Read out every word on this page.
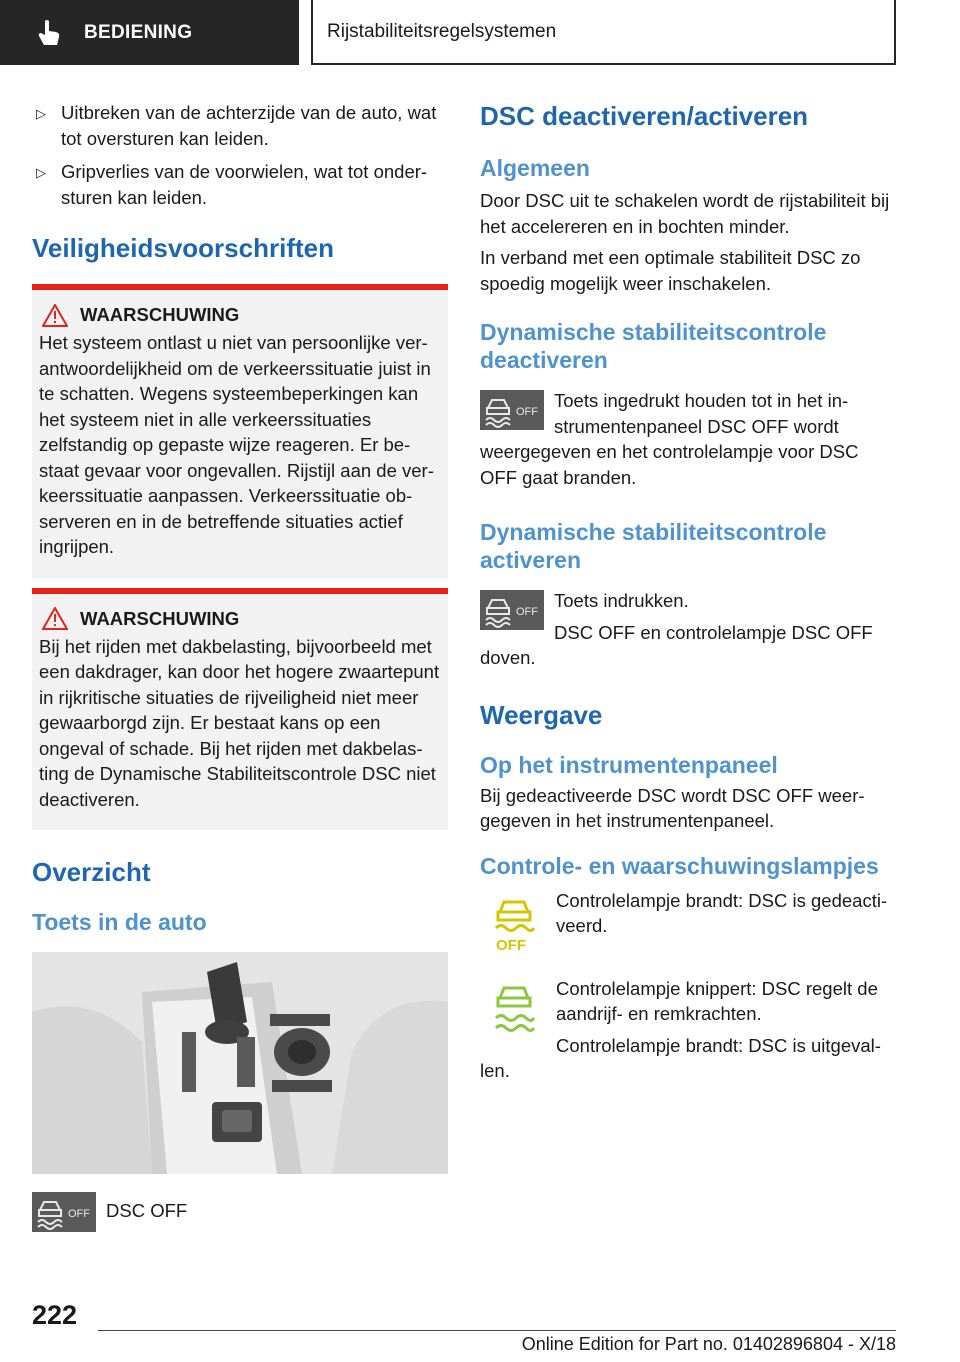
BEDIENING	Rijstabiliteitsregelsystemen
▷ Uitbreken van de achterzijde van de auto, wat tot oversturen kan leiden.
▷ Gripverlies van de voorwielen, wat tot ondersturen kan leiden.
Veiligheidsvoorschriften
WAARSCHUWING

Het systeem ontlast u niet van persoonlijke verantwoordelijkheid om de verkeerssituatie juist in te schatten. Wegens systeembeperkingen kan het systeem niet in alle verkeerssituaties zelfstandig op gepaste wijze reageren. Er bestaat gevaar voor ongevallen. Rijstijl aan de verkeerssituatie aanpassen. Verkeerssituatie observeren en in de betreffende situaties actief ingrijpen.

WAARSCHUWING

Bij het rijden met dakbelasting, bijvoorbeeld met een dakdrager, kan door het hogere zwaartepunt in rijkritische situaties de rijveiligheid niet meer gewaarborgd zijn. Er bestaat kans op een ongeval of schade. Bij het rijden met dakbelasting de Dynamische Stabiliteitscontrole DSC niet deactiveren.

Overzicht
Toets in de auto
OFF DSC OFF

DSC deactiveren/activeren
Algemeen

Door DSC uit te schakelen wordt de rijstabiliteit bij het accelereren en in bochten minder.

In verband met een optimale stabiliteit DSC zo spoedig mogelijk weer inschakelen.

Dynamische stabiliteitscontrole deactiveren
OFF

Toets ingedrukt houden tot in het instrumentenpaneel DSC OFF wordt weergegeven en het controlelampje voor DSC OFF gaat branden.

Dynamische stabiliteitscontrole activeren
OFF

Toets indrukken.

DSC OFF en controlelampje DSC OFF doven.

Weergave
Op het instrumentenpaneel

Bij gedeactiveerde DSC wordt DSC OFF weergegeven in het instrumentenpaneel.

Controle- en waarschuwingslampjes
OFF

Controlelampje brandt: DSC is gedeactiveerd.

Controlelampje knippert: DSC regelt de aandrijf- en remkrachten.

Controlelampje brandt: DSC is uitgevallen.

222
Online Edition for Part no. 01402896804 - X/18
